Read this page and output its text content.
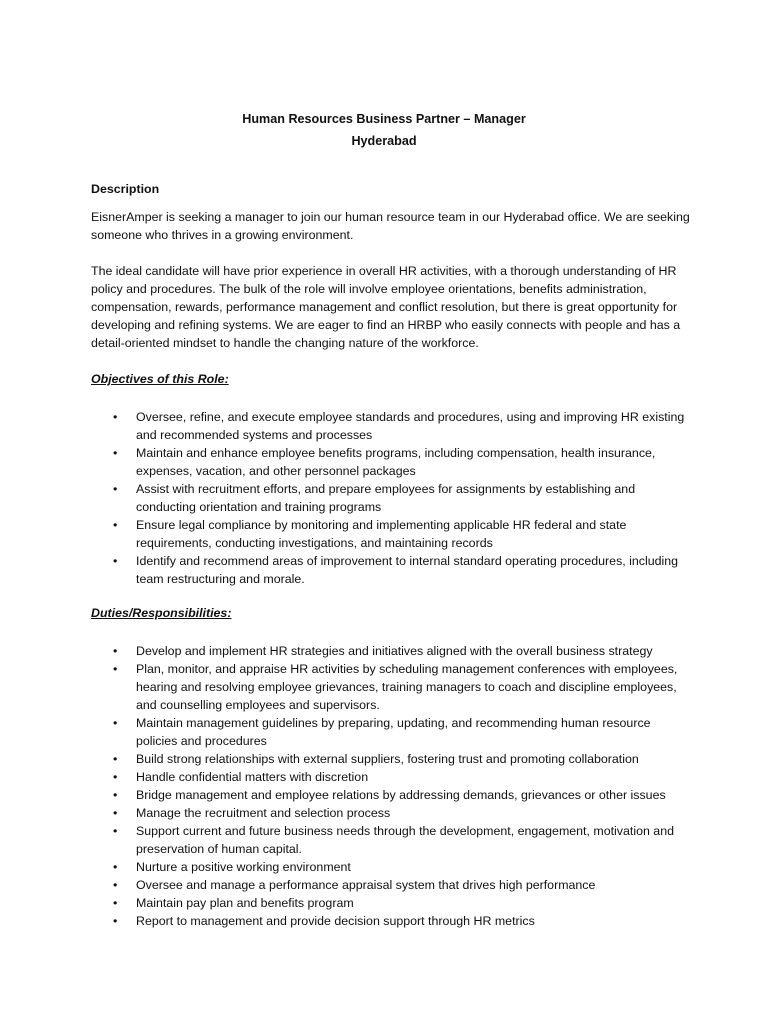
Human Resources Business Partner – Manager
Hyderabad
Description
EisnerAmper is seeking a manager to join our human resource team in our Hyderabad office. We are seeking someone who thrives in a growing environment.
The ideal candidate will have prior experience in overall HR activities, with a thorough understanding of HR policy and procedures. The bulk of the role will involve employee orientations, benefits administration, compensation, rewards, performance management and conflict resolution, but there is great opportunity for developing and refining systems. We are eager to find an HRBP who easily connects with people and has a detail-oriented mindset to handle the changing nature of the workforce.
Objectives of this Role:
• Oversee, refine, and execute employee standards and procedures, using and improving HR existing and recommended systems and processes
• Maintain and enhance employee benefits programs, including compensation, health insurance, expenses, vacation, and other personnel packages
• Assist with recruitment efforts, and prepare employees for assignments by establishing and conducting orientation and training programs
• Ensure legal compliance by monitoring and implementing applicable HR federal and state requirements, conducting investigations, and maintaining records
• Identify and recommend areas of improvement to internal standard operating procedures, including team restructuring and morale.
Duties/Responsibilities:
• Develop and implement HR strategies and initiatives aligned with the overall business strategy
• Plan, monitor, and appraise HR activities by scheduling management conferences with employees, hearing and resolving employee grievances, training managers to coach and discipline employees, and counselling employees and supervisors.
• Maintain management guidelines by preparing, updating, and recommending human resource policies and procedures
• Build strong relationships with external suppliers, fostering trust and promoting collaboration
• Handle confidential matters with discretion
• Bridge management and employee relations by addressing demands, grievances or other issues
• Manage the recruitment and selection process
• Support current and future business needs through the development, engagement, motivation and preservation of human capital.
• Nurture a positive working environment
• Oversee and manage a performance appraisal system that drives high performance
• Maintain pay plan and benefits program
• Report to management and provide decision support through HR metrics
